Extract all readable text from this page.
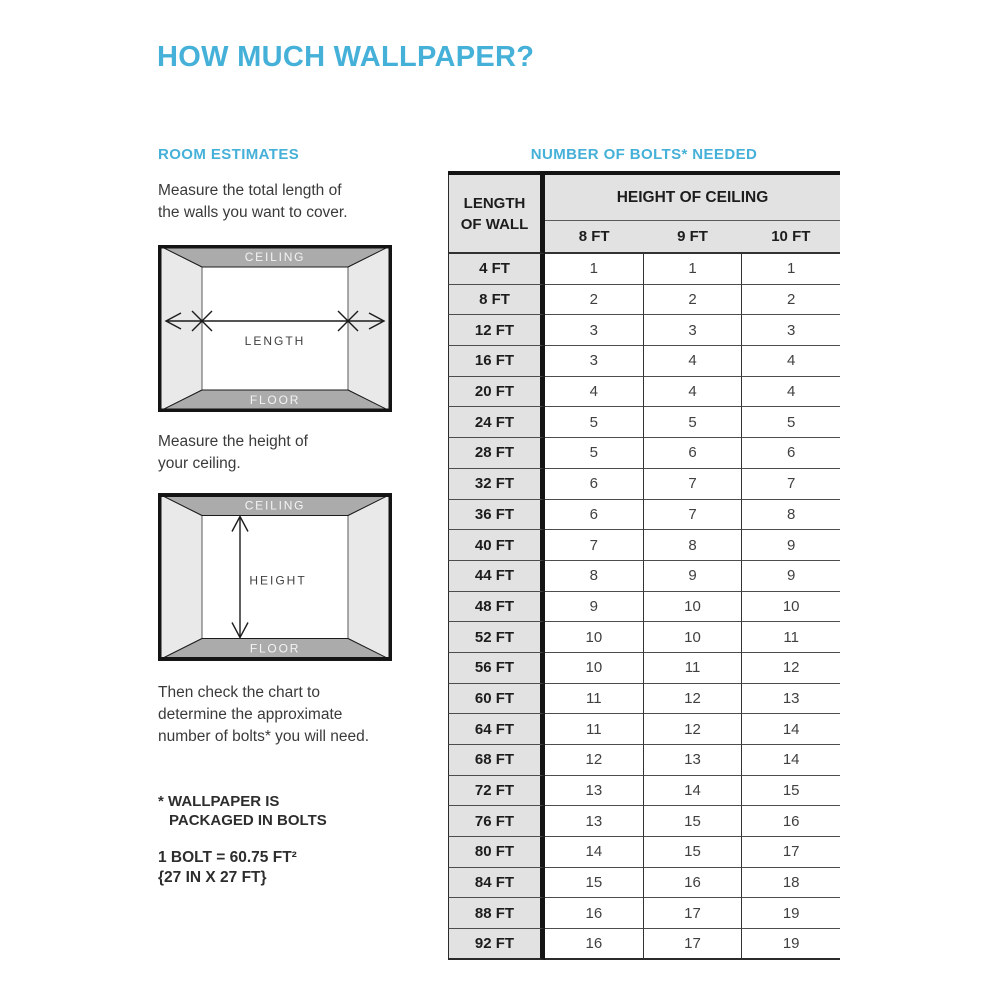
HOW MUCH WALLPAPER?
ROOM ESTIMATES
Measure the total length of
the walls you want to cover.
CEILING
FLOOR
LENGTH
Measure the height of
your ceiling.
CEILING
FLOOR
HEIGHT
Then check the chart to
determine the approximate
number of bolts* you will need.
* WALLPAPER IS
PACKAGED IN BOLTS
1 BOLT = 60.75 FT²
{27 IN X 27 FT}
NUMBER OF BOLTS* NEEDED
LENGTH
OF WALL
HEIGHT OF CEILING
8 FT	9 FT	10 FT
4 FT	1	1	1
8 FT	2	2	2
12 FT	3	3	3
16 FT	3	4	4
20 FT	4	4	4
24 FT	5	5	5
28 FT	5	6	6
32 FT	6	7	7
36 FT	6	7	8
40 FT	7	8	9
44 FT	8	9	9
48 FT	9	10	10
52 FT	10	10	11
56 FT	10	11	12
60 FT	11	12	13
64 FT	11	12	14
68 FT	12	13	14
72 FT	13	14	15
76 FT	13	15	16
80 FT	14	15	17
84 FT	15	16	18
88 FT	16	17	19
92 FT	16	17	19
